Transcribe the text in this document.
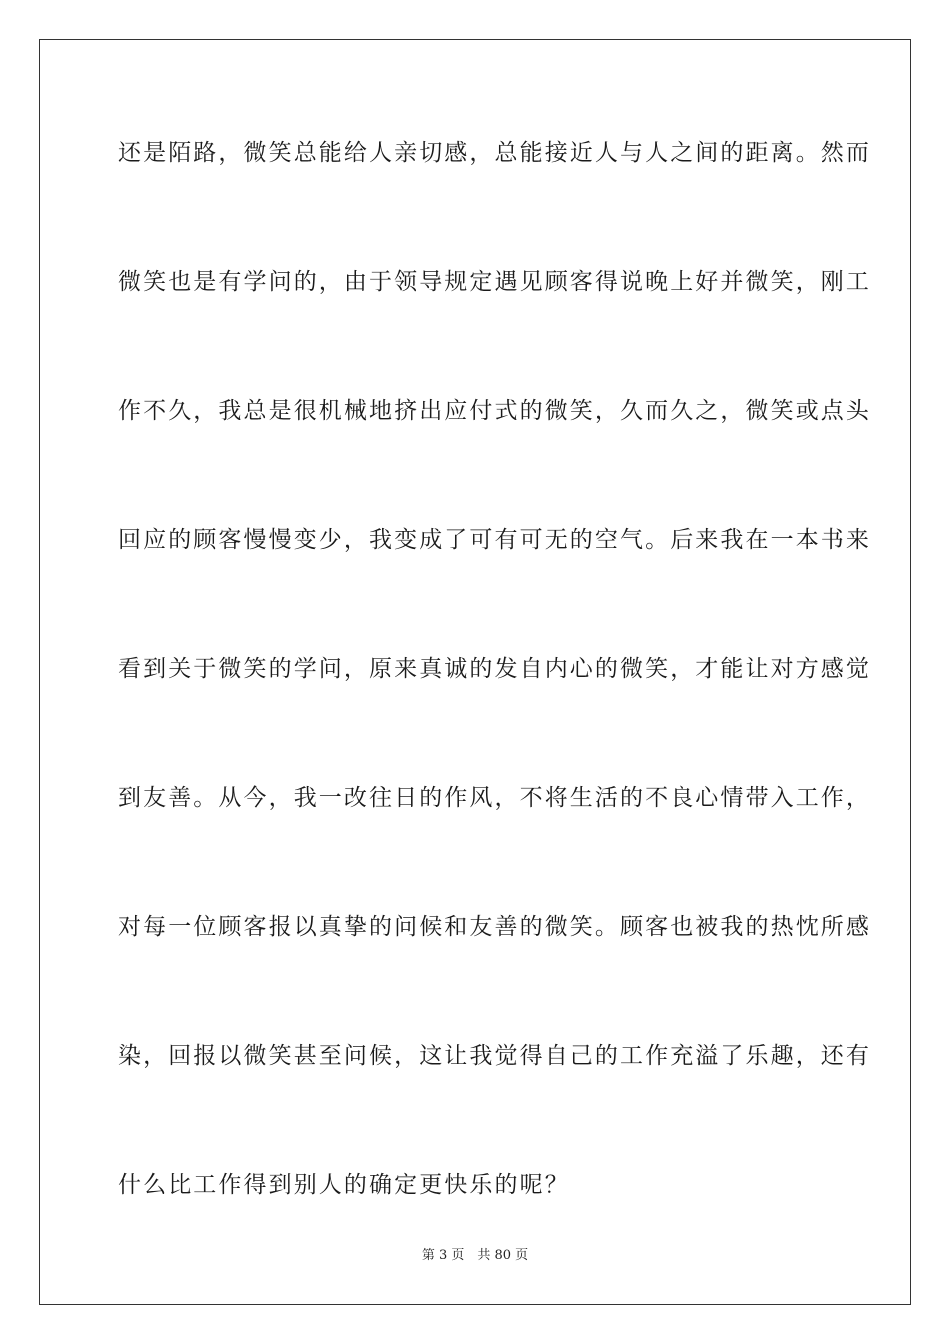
还是陌路，微笑总能给人亲切感，总能接近人与人之间的距离。然而
微笑也是有学问的，由于领导规定遇见顾客得说晚上好并微笑，刚工
作不久，我总是很机械地挤出应付式的微笑，久而久之，微笑或点头
回应的顾客慢慢变少，我变成了可有可无的空气。后来我在一本书来
看到关于微笑的学问，原来真诚的发自内心的微笑，才能让对方感觉
到友善。从今，我一改往日的作风，不将生活的不良心情带入工作，
对每一位顾客报以真挚的问候和友善的微笑。顾客也被我的热忱所感
染，回报以微笑甚至问候，这让我觉得自己的工作充溢了乐趣，还有
什么比工作得到别人的确定更快乐的呢？
第 3 页　共 80 页
